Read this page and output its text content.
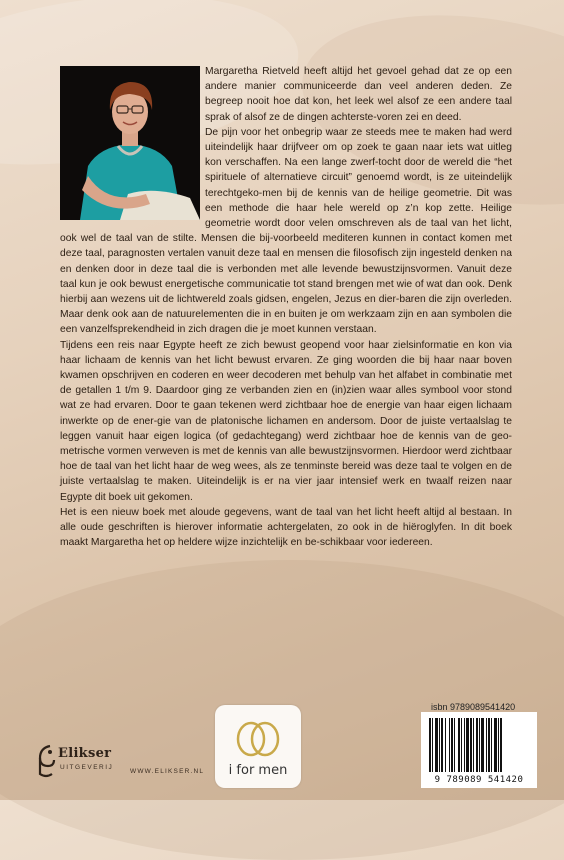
Margaretha Rietveld heeft altijd het gevoel gehad dat ze op een andere manier communiceerde dan veel anderen deden. Ze begreep nooit hoe dat kon, het leek wel alsof ze een andere taal sprak of alsof ze de dingen achterste-voren zei en deed.

De pijn voor het onbegrip waar ze steeds mee te maken had werd uiteindelijk haar drijfveer om op zoek te gaan naar iets wat uitleg kon verschaffen. Na een lange zwerf-tocht door de wereld die “het spirituele of alternatieve circuit” genoemd wordt, is ze uiteindelijk terechtgeko-men bij de kennis van de heilige geometrie. Dit was een methode die haar hele wereld op z’n kop zette. Heilige geometrie wordt door velen omschreven als de taal van het licht, ook wel de taal van de stilte. Mensen die bij-voorbeeld mediteren kunnen in contact komen met deze taal, paragnosten vertalen vanuit deze taal en mensen die filosofisch zijn ingesteld denken na en denken door in deze taal die is verbonden met alle levende bewustzijnsvormen. Vanuit deze taal kun je ook bewust energetische communicatie tot stand brengen met wie of wat dan ook. Denk hierbij aan wezens uit de lichtwereld zoals gidsen, engelen, Jezus en dier-baren die zijn overleden. Maar denk ook aan de natuurelementen die in en buiten je om werkzaam zijn en aan symbolen die een vanzelfsprekendheid in zich dragen die je moet kunnen verstaan.

Tijdens een reis naar Egypte heeft ze zich bewust geopend voor haar zielsinformatie en kon via haar lichaam de kennis van het licht bewust ervaren. Ze ging woorden die bij haar naar boven kwamen opschrijven en coderen en weer decoderen met behulp van het alfabet in combinatie met de getallen 1 t/m 9. Daardoor ging ze verbanden zien en (in)zien waar alles symbool voor stond wat ze had ervaren. Door te gaan tekenen werd zichtbaar hoe de energie van haar eigen lichaam inwerkte op de ener-gie van de platonische lichamen en andersom. Door de juiste vertaalslag te leggen vanuit haar eigen logica (of gedachtegang) werd zichtbaar hoe de kennis van de geo-metrische vormen verweven is met de kennis van alle bewustzijnsvormen. Hierdoor werd zichtbaar hoe de taal van het licht haar de weg wees, als ze tenminste bereid was deze taal te volgen en de juiste vertaalslag te maken. Uiteindelijk is er na vier jaar intensief werk en twaalf reizen naar Egypte dit boek uit gekomen.

Het is een nieuw boek met aloude gegevens, want de taal van het licht heeft altijd al bestaan. In alle oude geschriften is hierover informatie achtergelaten, zo ook in de hiëroglyfen. In dit boek maakt Margaretha het op heldere wijze inzichtelijk en be-schikbaar voor iedereen.

Elikser
UITGEVERIJ
WWW.ELIKSER.NL	i for men
isbn 9789089541420
9 789089 541420
